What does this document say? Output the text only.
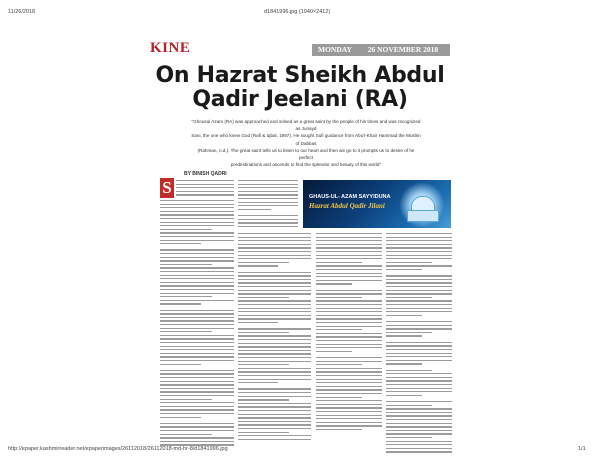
11/26/2018	d1841996.jpg (1940×2412)
KINE	MONDAY 26 NOVEMBER 2018
On Hazrat Sheikh Abdul
Qadir Jeelani (RA)
"Ghousul Azam (RA) was approached and solved as a great saint by the people of his times and was recognized as Junayd
Sani, the one who knew God (Rafi & Iqbal, 1997). He sought Sufi guidance from Abu'l-Khair Hammad the Muslim of Dabbas
(Rahman, n.d.). The great saint tells us to listen to our heart and then we go to it prompts us to desire of he perfect
predestinations and ascends to find the splendor and beauty of this world"
BY BINISH QADRI
S	GHAUS-UL- AZAM SAYYIDUNA
Hazrat Abdul Qadir Jilani
http://epaper.kashmirreader.net/epaperimages/26112018/26112018-md-hr-8/d1841996.jpg	1/1
